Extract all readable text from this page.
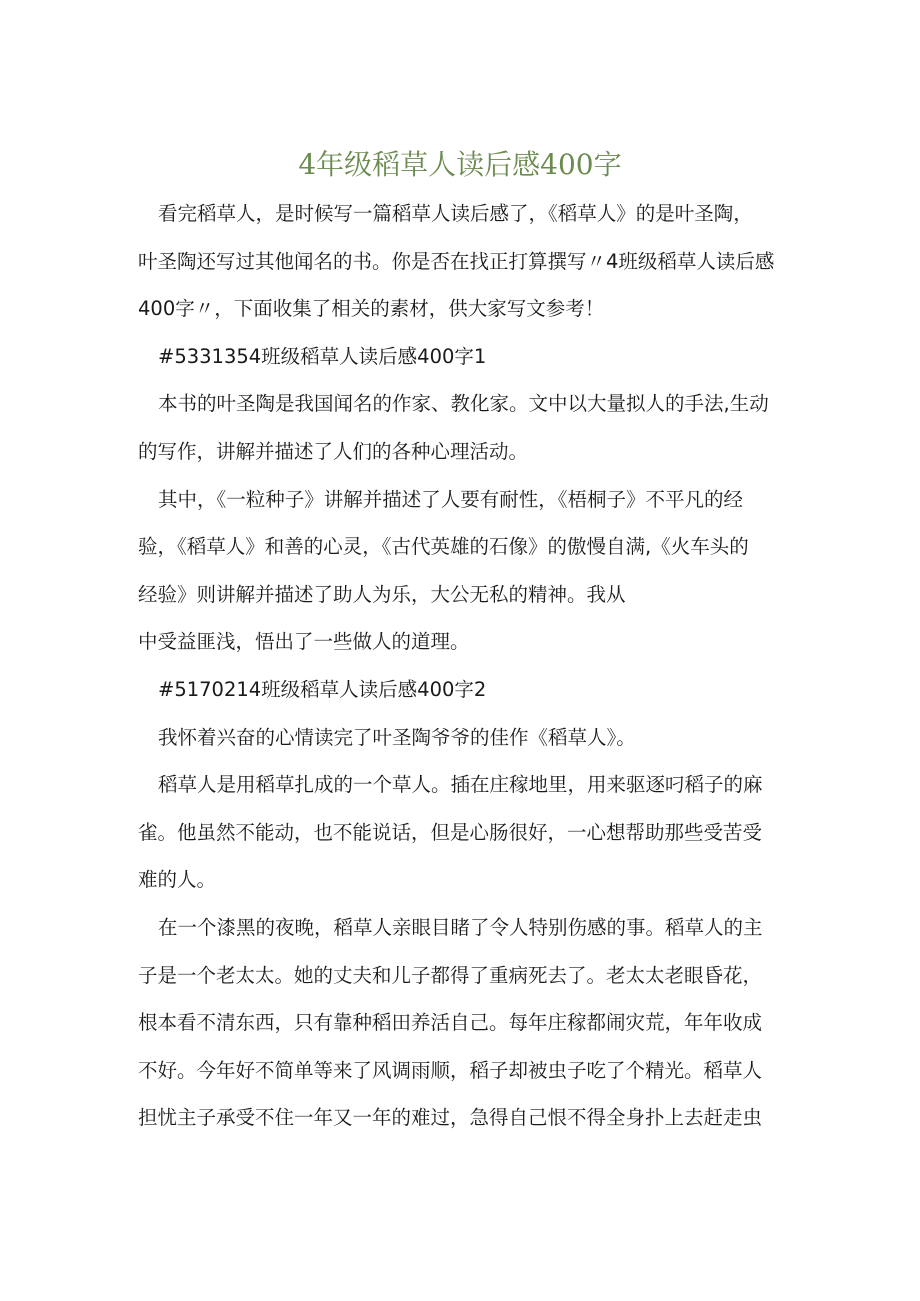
4年级稻草人读后感400字
看完稻草人，是时候写一篇稻草人读后感了，《稻草人》的是叶圣陶，
叶圣陶还写过其他闻名的书。你是否在找正打算撰写〃4班级稻草人读后感
400字〃，下面收集了相关的素材，供大家写文参考！
#5331354班级稻草人读后感400字1
本书的叶圣陶是我国闻名的作家、教化家。文中以大量拟人的手法,生动
的写作，讲解并描述了人们的各种心理活动。
其中，《一粒种子》讲解并描述了人要有耐性，《梧桐子》不平凡的经
验，《稻草人》和善的心灵，《古代英雄的石像》的傲慢自满,《火车头的
经验》则讲解并描述了助人为乐，大公无私的精神。我从
中受益匪浅，悟出了一些做人的道理。
#5170214班级稻草人读后感400字2
我怀着兴奋的心情读完了叶圣陶爷爷的佳作《稻草人》。
稻草人是用稻草扎成的一个草人。插在庄稼地里，用来驱逐叼稻子的麻
雀。他虽然不能动，也不能说话，但是心肠很好，一心想帮助那些受苦受
难的人。
在一个漆黑的夜晚，稻草人亲眼目睹了令人特别伤感的事。稻草人的主
子是一个老太太。她的丈夫和儿子都得了重病死去了。老太太老眼昏花，
根本看不清东西，只有靠种稻田养活自己。每年庄稼都闹灾荒，年年收成
不好。今年好不简单等来了风调雨顺，稻子却被虫子吃了个精光。稻草人
担忧主子承受不住一年又一年的难过，急得自己恨不得全身扑上去赶走虫
